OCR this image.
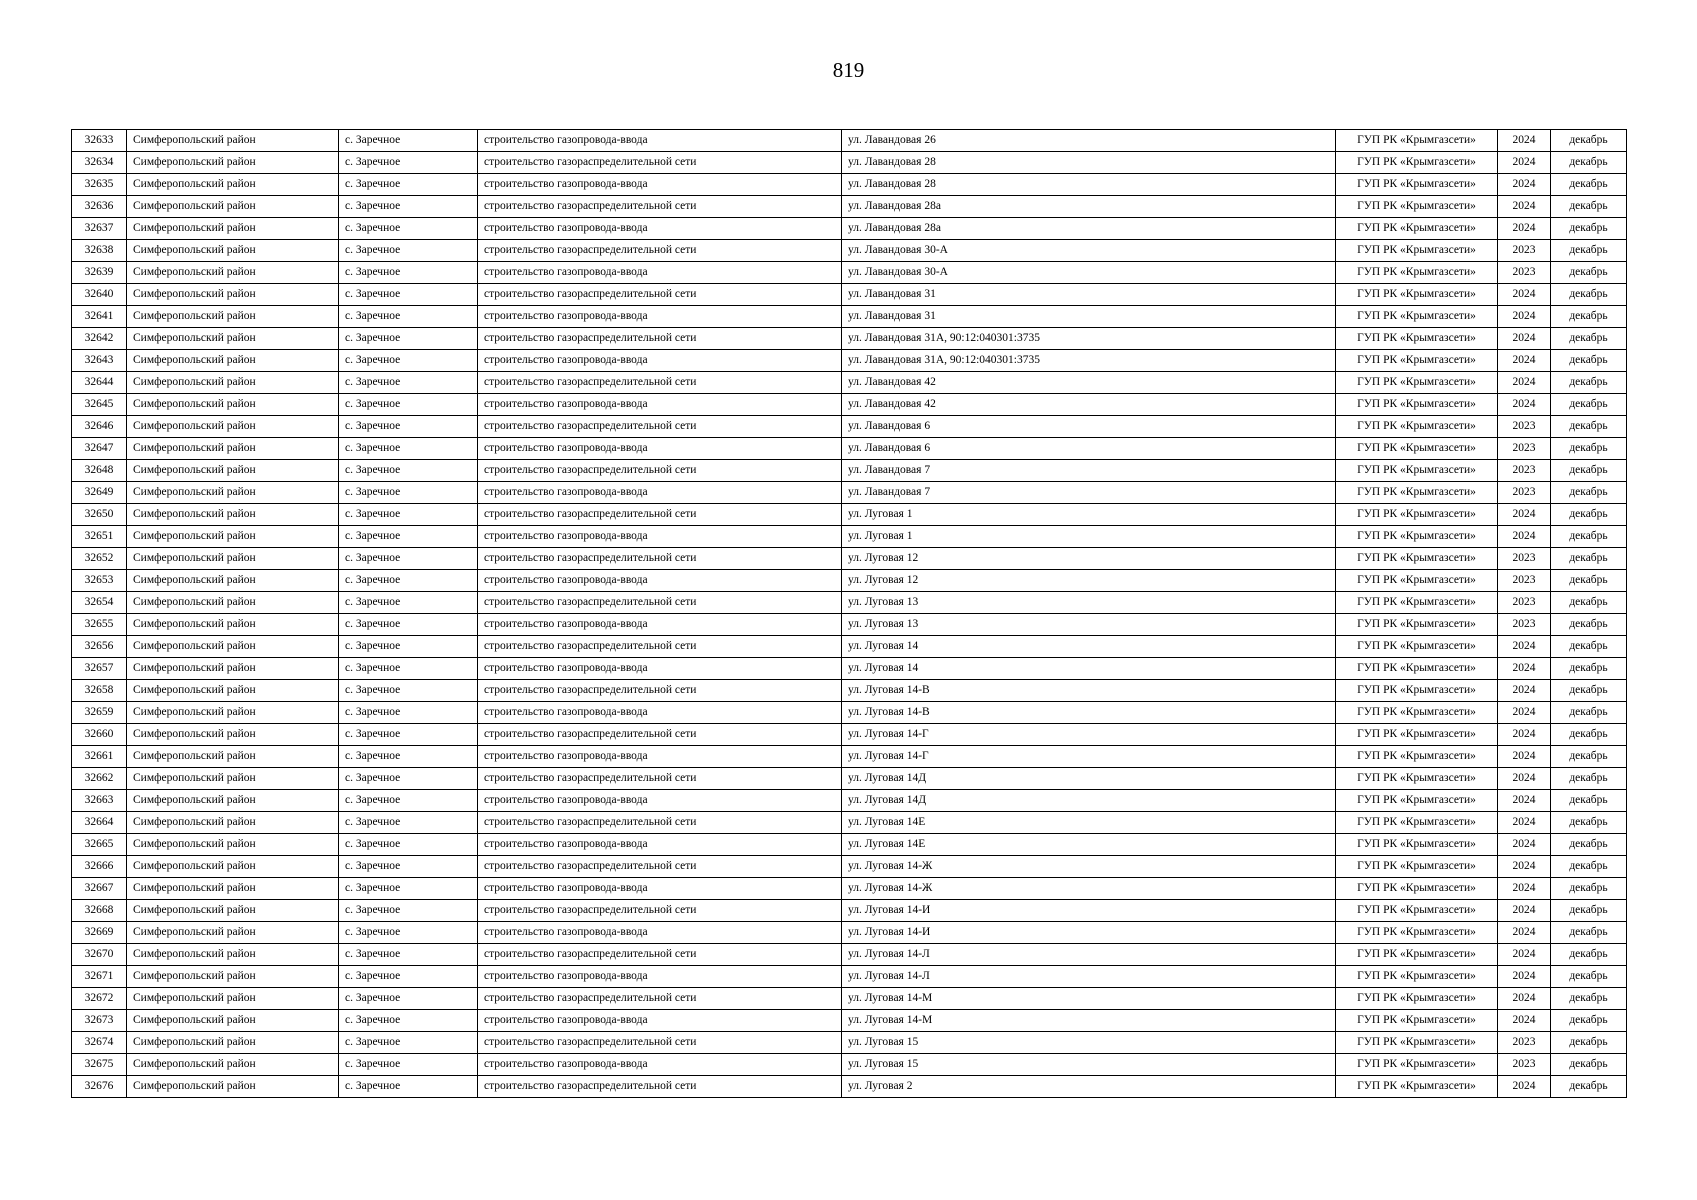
819
32633	Симферопольский район	с. Заречное	строительство газопровода-ввода	ул. Лавандовая 26	ГУП РК «Крымгазсети»	2024	декабрь
32634	Симферопольский район	с. Заречное	строительство газораспределительной сети	ул. Лавандовая 28	ГУП РК «Крымгазсети»	2024	декабрь
32635	Симферопольский район	с. Заречное	строительство газопровода-ввода	ул. Лавандовая 28	ГУП РК «Крымгазсети»	2024	декабрь
32636	Симферопольский район	с. Заречное	строительство газораспределительной сети	ул. Лавандовая 28а	ГУП РК «Крымгазсети»	2024	декабрь
32637	Симферопольский район	с. Заречное	строительство газопровода-ввода	ул. Лавандовая 28а	ГУП РК «Крымгазсети»	2024	декабрь
32638	Симферопольский район	с. Заречное	строительство газораспределительной сети	ул. Лавандовая 30-А	ГУП РК «Крымгазсети»	2023	декабрь
32639	Симферопольский район	с. Заречное	строительство газопровода-ввода	ул. Лавандовая 30-А	ГУП РК «Крымгазсети»	2023	декабрь
32640	Симферопольский район	с. Заречное	строительство газораспределительной сети	ул. Лавандовая 31	ГУП РК «Крымгазсети»	2024	декабрь
32641	Симферопольский район	с. Заречное	строительство газопровода-ввода	ул. Лавандовая 31	ГУП РК «Крымгазсети»	2024	декабрь
32642	Симферопольский район	с. Заречное	строительство газораспределительной сети	ул. Лавандовая 31А, 90:12:040301:3735	ГУП РК «Крымгазсети»	2024	декабрь
32643	Симферопольский район	с. Заречное	строительство газопровода-ввода	ул. Лавандовая 31А, 90:12:040301:3735	ГУП РК «Крымгазсети»	2024	декабрь
32644	Симферопольский район	с. Заречное	строительство газораспределительной сети	ул. Лавандовая 42	ГУП РК «Крымгазсети»	2024	декабрь
32645	Симферопольский район	с. Заречное	строительство газопровода-ввода	ул. Лавандовая 42	ГУП РК «Крымгазсети»	2024	декабрь
32646	Симферопольский район	с. Заречное	строительство газораспределительной сети	ул. Лавандовая 6	ГУП РК «Крымгазсети»	2023	декабрь
32647	Симферопольский район	с. Заречное	строительство газопровода-ввода	ул. Лавандовая 6	ГУП РК «Крымгазсети»	2023	декабрь
32648	Симферопольский район	с. Заречное	строительство газораспределительной сети	ул. Лавандовая 7	ГУП РК «Крымгазсети»	2023	декабрь
32649	Симферопольский район	с. Заречное	строительство газопровода-ввода	ул. Лавандовая 7	ГУП РК «Крымгазсети»	2023	декабрь
32650	Симферопольский район	с. Заречное	строительство газораспределительной сети	ул. Луговая 1	ГУП РК «Крымгазсети»	2024	декабрь
32651	Симферопольский район	с. Заречное	строительство газопровода-ввода	ул. Луговая 1	ГУП РК «Крымгазсети»	2024	декабрь
32652	Симферопольский район	с. Заречное	строительство газораспределительной сети	ул. Луговая 12	ГУП РК «Крымгазсети»	2023	декабрь
32653	Симферопольский район	с. Заречное	строительство газопровода-ввода	ул. Луговая 12	ГУП РК «Крымгазсети»	2023	декабрь
32654	Симферопольский район	с. Заречное	строительство газораспределительной сети	ул. Луговая 13	ГУП РК «Крымгазсети»	2023	декабрь
32655	Симферопольский район	с. Заречное	строительство газопровода-ввода	ул. Луговая 13	ГУП РК «Крымгазсети»	2023	декабрь
32656	Симферопольский район	с. Заречное	строительство газораспределительной сети	ул. Луговая 14	ГУП РК «Крымгазсети»	2024	декабрь
32657	Симферопольский район	с. Заречное	строительство газопровода-ввода	ул. Луговая 14	ГУП РК «Крымгазсети»	2024	декабрь
32658	Симферопольский район	с. Заречное	строительство газораспределительной сети	ул. Луговая 14-В	ГУП РК «Крымгазсети»	2024	декабрь
32659	Симферопольский район	с. Заречное	строительство газопровода-ввода	ул. Луговая 14-В	ГУП РК «Крымгазсети»	2024	декабрь
32660	Симферопольский район	с. Заречное	строительство газораспределительной сети	ул. Луговая 14-Г	ГУП РК «Крымгазсети»	2024	декабрь
32661	Симферопольский район	с. Заречное	строительство газопровода-ввода	ул. Луговая 14-Г	ГУП РК «Крымгазсети»	2024	декабрь
32662	Симферопольский район	с. Заречное	строительство газораспределительной сети	ул. Луговая 14Д	ГУП РК «Крымгазсети»	2024	декабрь
32663	Симферопольский район	с. Заречное	строительство газопровода-ввода	ул. Луговая 14Д	ГУП РК «Крымгазсети»	2024	декабрь
32664	Симферопольский район	с. Заречное	строительство газораспределительной сети	ул. Луговая 14Е	ГУП РК «Крымгазсети»	2024	декабрь
32665	Симферопольский район	с. Заречное	строительство газопровода-ввода	ул. Луговая 14Е	ГУП РК «Крымгазсети»	2024	декабрь
32666	Симферопольский район	с. Заречное	строительство газораспределительной сети	ул. Луговая 14-Ж	ГУП РК «Крымгазсети»	2024	декабрь
32667	Симферопольский район	с. Заречное	строительство газопровода-ввода	ул. Луговая 14-Ж	ГУП РК «Крымгазсети»	2024	декабрь
32668	Симферопольский район	с. Заречное	строительство газораспределительной сети	ул. Луговая 14-И	ГУП РК «Крымгазсети»	2024	декабрь
32669	Симферопольский район	с. Заречное	строительство газопровода-ввода	ул. Луговая 14-И	ГУП РК «Крымгазсети»	2024	декабрь
32670	Симферопольский район	с. Заречное	строительство газораспределительной сети	ул. Луговая 14-Л	ГУП РК «Крымгазсети»	2024	декабрь
32671	Симферопольский район	с. Заречное	строительство газопровода-ввода	ул. Луговая 14-Л	ГУП РК «Крымгазсети»	2024	декабрь
32672	Симферопольский район	с. Заречное	строительство газораспределительной сети	ул. Луговая 14-М	ГУП РК «Крымгазсети»	2024	декабрь
32673	Симферопольский район	с. Заречное	строительство газопровода-ввода	ул. Луговая 14-М	ГУП РК «Крымгазсети»	2024	декабрь
32674	Симферопольский район	с. Заречное	строительство газораспределительной сети	ул. Луговая 15	ГУП РК «Крымгазсети»	2023	декабрь
32675	Симферопольский район	с. Заречное	строительство газопровода-ввода	ул. Луговая 15	ГУП РК «Крымгазсети»	2023	декабрь
32676	Симферопольский район	с. Заречное	строительство газораспределительной сети	ул. Луговая 2	ГУП РК «Крымгазсети»	2024	декабрь
